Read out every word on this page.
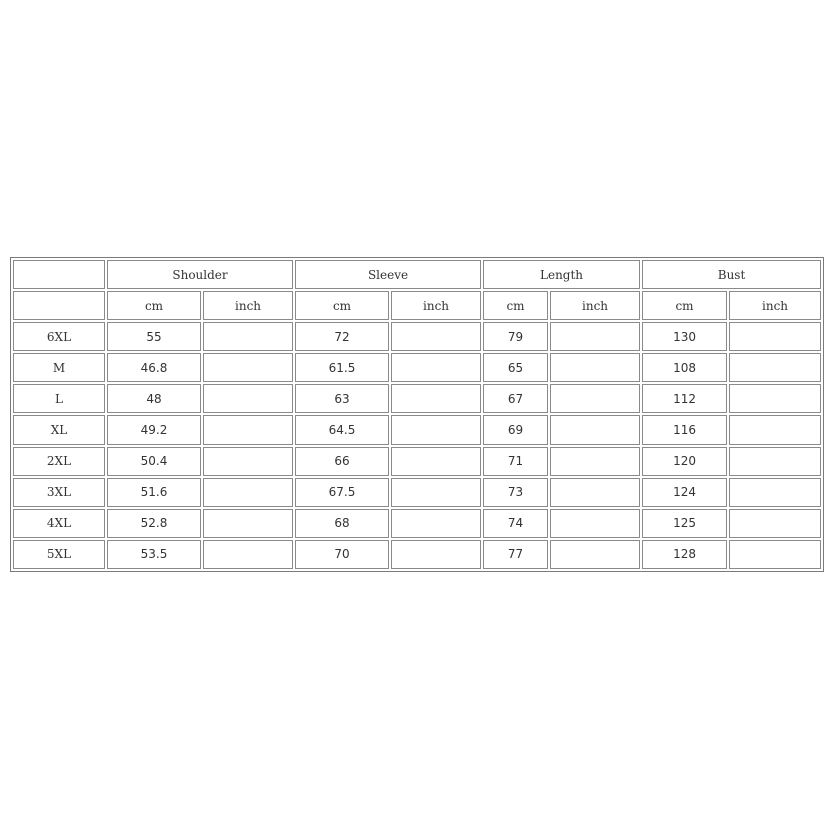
	Shoulder		Sleeve		Length		Bust	
	cm	inch	cm	inch	cm	inch	cm	inch
6XL	55		72		79		130	
M	46.8		61.5		65		108	
L	48		63		67		112	
XL	49.2		64.5		69		116	
2XL	50.4		66		71		120	
3XL	51.6		67.5		73		124	
4XL	52.8		68		74		125	
5XL	53.5		70		77		128	
